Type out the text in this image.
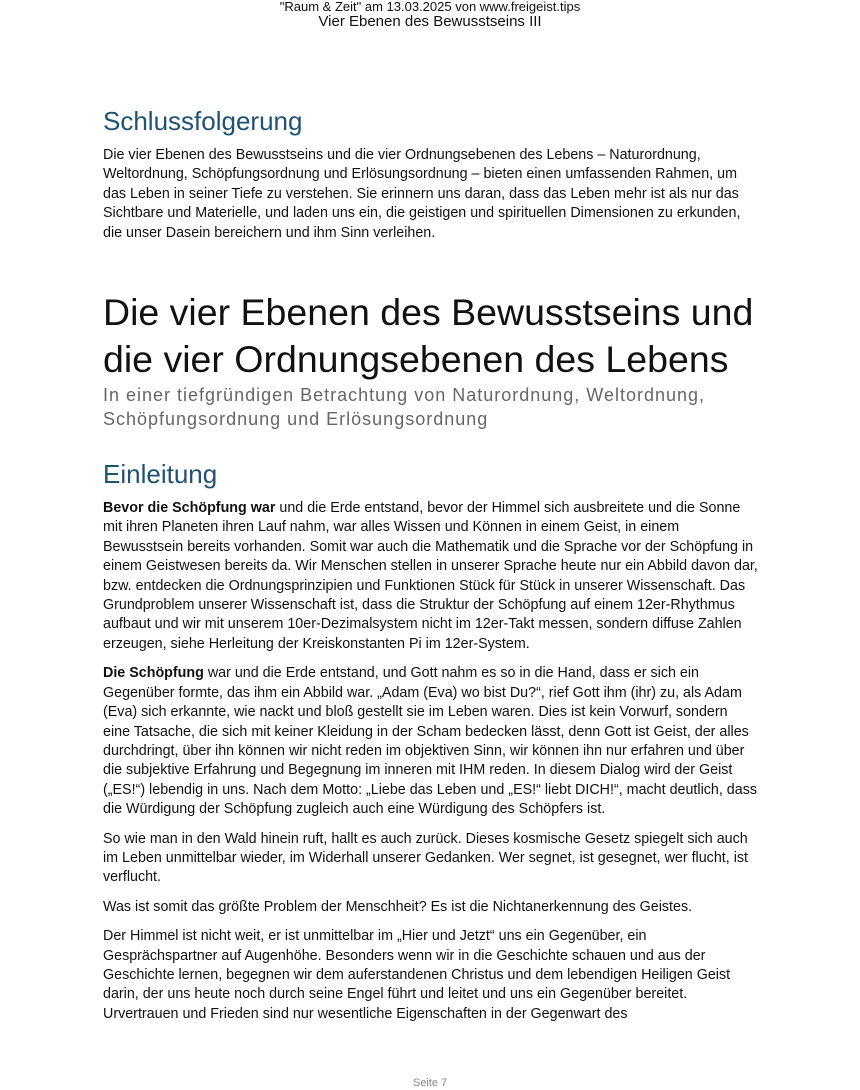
"Raum & Zeit" am 13.03.2025 von www.freigeist.tips
Vier Ebenen des Bewusstseins III
Schlussfolgerung

Die vier Ebenen des Bewusstseins und die vier Ordnungsebenen des Lebens – Naturordnung, Weltordnung, Schöpfungsordnung und Erlösungsordnung – bieten einen umfassenden Rahmen, um das Leben in seiner Tiefe zu verstehen. Sie erinnern uns daran, dass das Leben mehr ist als nur das Sichtbare und Materielle, und laden uns ein, die geistigen und spirituellen Dimensionen zu erkunden, die unser Dasein bereichern und ihm Sinn verleihen.

Die vier Ebenen des Bewusstseins und die vier Ordnungsebenen des Lebens

In einer tiefgründigen Betrachtung von Naturordnung, Weltordnung, Schöpfungsordnung und Erlösungsordnung

Einleitung

Bevor die Schöpfung war und die Erde entstand, bevor der Himmel sich ausbreitete und die Sonne mit ihren Planeten ihren Lauf nahm, war alles Wissen und Können in einem Geist, in einem Bewusstsein bereits vorhanden. Somit war auch die Mathematik und die Sprache vor der Schöpfung in einem Geistwesen bereits da. Wir Menschen stellen in unserer Sprache heute nur ein Abbild davon dar, bzw. entdecken die Ordnungsprinzipien und Funktionen Stück für Stück in unserer Wissenschaft. Das Grundproblem unserer Wissenschaft ist, dass die Struktur der Schöpfung auf einem 12er-Rhythmus aufbaut und wir mit unserem 10er-Dezimalsystem nicht im 12er-Takt messen, sondern diffuse Zahlen erzeugen, siehe Herleitung der Kreiskonstanten Pi im 12er-System.

Die Schöpfung war und die Erde entstand, und Gott nahm es so in die Hand, dass er sich ein Gegenüber formte, das ihm ein Abbild war. „Adam (Eva) wo bist Du?“, rief Gott ihm (ihr) zu, als Adam (Eva) sich erkannte, wie nackt und bloß gestellt sie im Leben waren. Dies ist kein Vorwurf, sondern eine Tatsache, die sich mit keiner Kleidung in der Scham bedecken lässt, denn Gott ist Geist, der alles durchdringt, über ihn können wir nicht reden im objektiven Sinn, wir können ihn nur erfahren und über die subjektive Erfahrung und Begegnung im inneren mit IHM reden. In diesem Dialog wird der Geist („ES!“) lebendig in uns. Nach dem Motto: „Liebe das Leben und „ES!“ liebt DICH!“, macht deutlich, dass die Würdigung der Schöpfung zugleich auch eine Würdigung des Schöpfers ist.

So wie man in den Wald hinein ruft, hallt es auch zurück. Dieses kosmische Gesetz spiegelt sich auch im Leben unmittelbar wieder, im Widerhall unserer Gedanken. Wer segnet, ist gesegnet, wer flucht, ist verflucht.

Was ist somit das größte Problem der Menschheit? Es ist die Nichtanerkennung des Geistes.

Der Himmel ist nicht weit, er ist unmittelbar im „Hier und Jetzt“ uns ein Gegenüber, ein Gesprächspartner auf Augenhöhe. Besonders wenn wir in die Geschichte schauen und aus der Geschichte lernen, begegnen wir dem auferstandenen Christus und dem lebendigen Heiligen Geist darin, der uns heute noch durch seine Engel führt und leitet und uns ein Gegenüber bereitet. Urvertrauen und Frieden sind nur wesentliche Eigenschaften in der Gegenwart des

Seite 7
